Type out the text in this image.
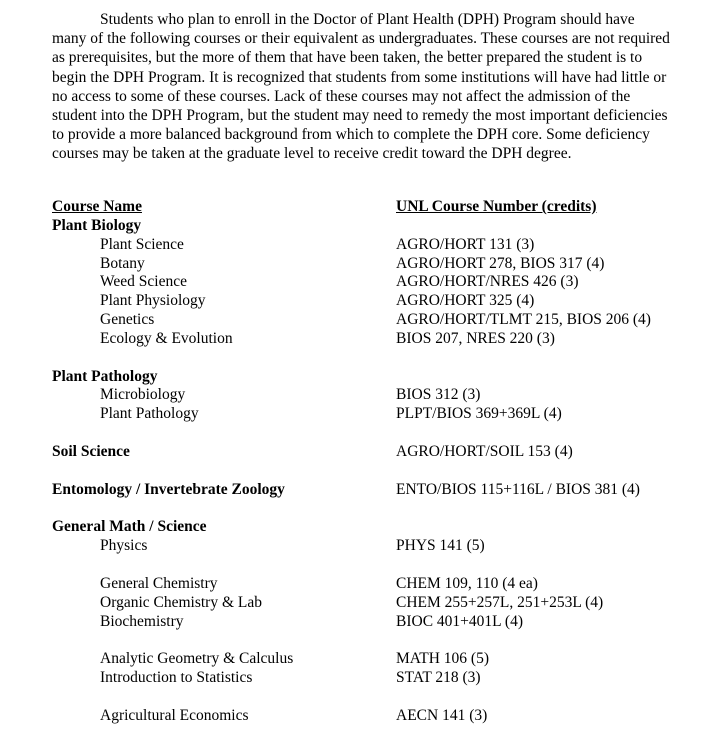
Students who plan to enroll in the Doctor of Plant Health (DPH) Program should have many of the following courses or their equivalent as undergraduates. These courses are not required as prerequisites, but the more of them that have been taken, the better prepared the student is to begin the DPH Program. It is recognized that students from some institutions will have had little or no access to some of these courses. Lack of these courses may not affect the admission of the student into the DPH Program, but the student may need to remedy the most important deficiencies to provide a more balanced background from which to complete the DPH core. Some deficiency courses may be taken at the graduate level to receive credit toward the DPH degree.

Course Name	UNL Course Number (credits)
Plant Biology
Plant Science	AGRO/HORT 131 (3)
Botany	AGRO/HORT 278, BIOS 317 (4)
Weed Science	AGRO/HORT/NRES 426 (3)
Plant Physiology	AGRO/HORT 325 (4)
Genetics	AGRO/HORT/TLMT 215, BIOS 206 (4)
Ecology & Evolution	BIOS 207, NRES 220 (3)
Plant Pathology
Microbiology	BIOS 312 (3)
Plant Pathology	PLPT/BIOS 369+369L (4)
Soil Science	AGRO/HORT/SOIL 153 (4)
Entomology / Invertebrate Zoology	ENTO/BIOS 115+116L / BIOS 381 (4)
General Math / Science
Physics	PHYS 141 (5)
General Chemistry	CHEM 109, 110 (4 ea)
Organic Chemistry & Lab	CHEM 255+257L, 251+253L (4)
Biochemistry	BIOC 401+401L (4)
Analytic Geometry & Calculus	MATH 106 (5)
Introduction to Statistics	STAT 218 (3)
Agricultural Economics	AECN 141 (3)
